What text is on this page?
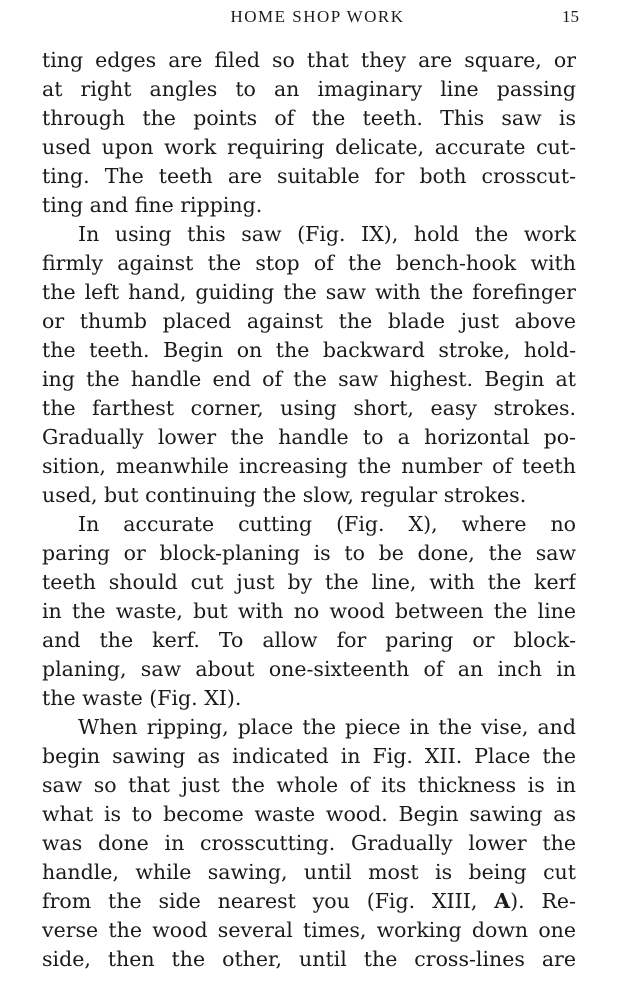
HOME SHOP WORK	15
ting edges are filed so that they are square, or
at right angles to an imaginary line passing
through the points of the teeth. This saw is
used upon work requiring delicate, accurate cut-
ting. The teeth are suitable for both crosscut-
ting and fine ripping.
In using this saw (Fig. IX), hold the work
firmly against the stop of the bench-hook with
the left hand, guiding the saw with the forefinger
or thumb placed against the blade just above
the teeth. Begin on the backward stroke, hold-
ing the handle end of the saw highest. Begin at
the farthest corner, using short, easy strokes.
Gradually lower the handle to a horizontal po-
sition, meanwhile increasing the number of teeth
used, but continuing the slow, regular strokes.
In accurate cutting (Fig. X), where no
paring or block-planing is to be done, the saw
teeth should cut just by the line, with the kerf
in the waste, but with no wood between the line
and the kerf. To allow for paring or block-
planing, saw about one-sixteenth of an inch in
the waste (Fig. XI).
When ripping, place the piece in the vise, and
begin sawing as indicated in Fig. XII. Place the
saw so that just the whole of its thickness is in
what is to become waste wood. Begin sawing as
was done in crosscutting. Gradually lower the
handle, while sawing, until most is being cut
from the side nearest you (Fig. XIII, A). Re-
verse the wood several times, working down one
side, then the other, until the cross-lines are
